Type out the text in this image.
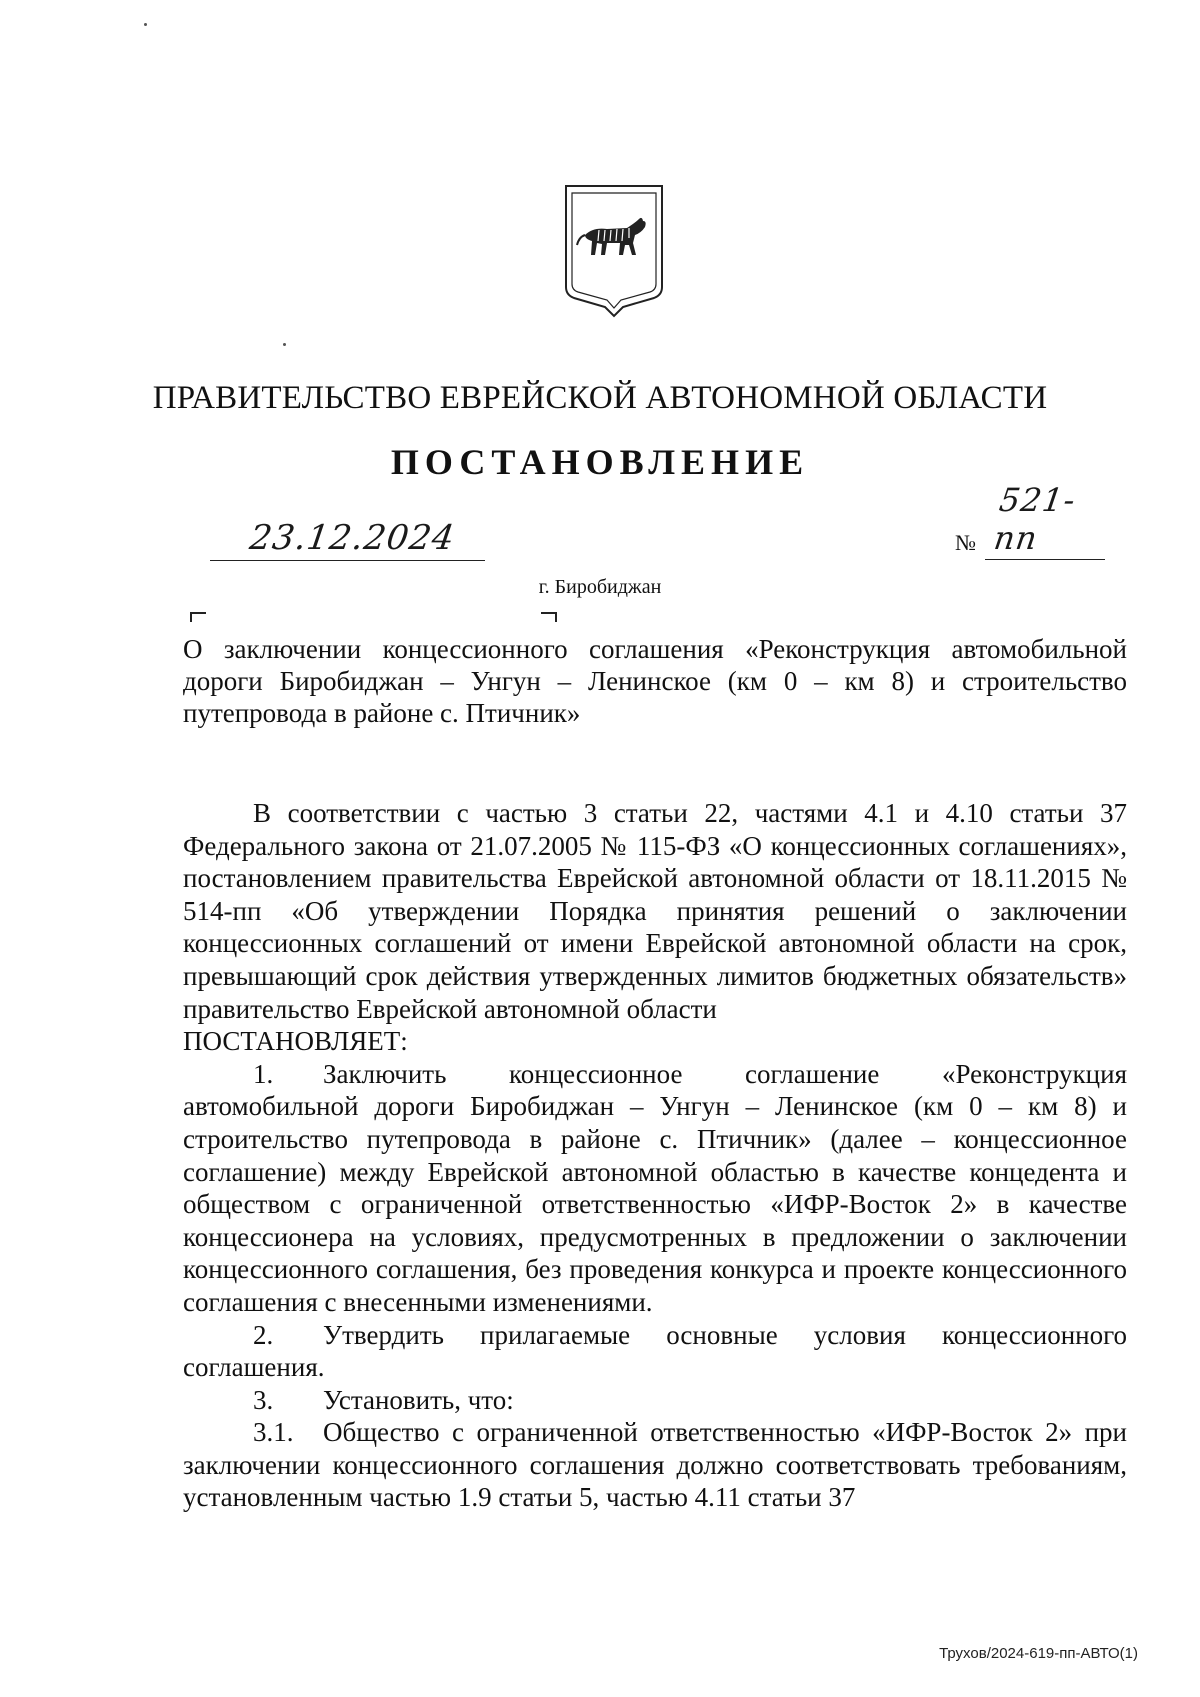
ПРАВИТЕЛЬСТВО ЕВРЕЙСКОЙ АВТОНОМНОЙ ОБЛАСТИ
ПОСТАНОВЛЕНИЕ
23.12.2024	№
521-пп
г. Биробиджан
О заключении концессионного соглашения «Реконструкция автомобильной дороги Биробиджан – Унгун – Ленинское (км 0 – км 8) и строительство путепровода в районе с. Птичник»

В соответствии с частью 3 статьи 22, частями 4.1 и 4.10 статьи 37 Федерального закона от 21.07.2005 № 115-ФЗ «О концессионных соглашениях», постановлением правительства Еврейской автономной области от 18.11.2015 № 514-пп «Об утверждении Порядка принятия решений о заключении концессионных соглашений от имени Еврейской автономной области на срок, превышающий срок действия утвержденных лимитов бюджетных обязательств» правительство Еврейской автономной области

ПОСТАНОВЛЯЕТ:

1. Заключить концессионное соглашение «Реконструкция автомобильной дороги Биробиджан – Унгун – Ленинское (км 0 – км 8) и строительство путепровода в районе с. Птичник» (далее – концессионное соглашение) между Еврейской автономной областью в качестве концедента и обществом с ограниченной ответственностью «ИФР-Восток 2» в качестве концессионера на условиях, предусмотренных в предложении о заключении концессионного соглашения, без проведения конкурса и проекте концессионного соглашения с внесенными изменениями.

2. Утвердить прилагаемые основные условия концессионного соглашения.

3. Установить, что:

3.1. Общество с ограниченной ответственностью «ИФР-Восток 2» при заключении концессионного соглашения должно соответствовать требованиям, установленным частью 1.9 статьи 5, частью 4.11 статьи 37

Трухов/2024-619-пп-АВТО(1)
